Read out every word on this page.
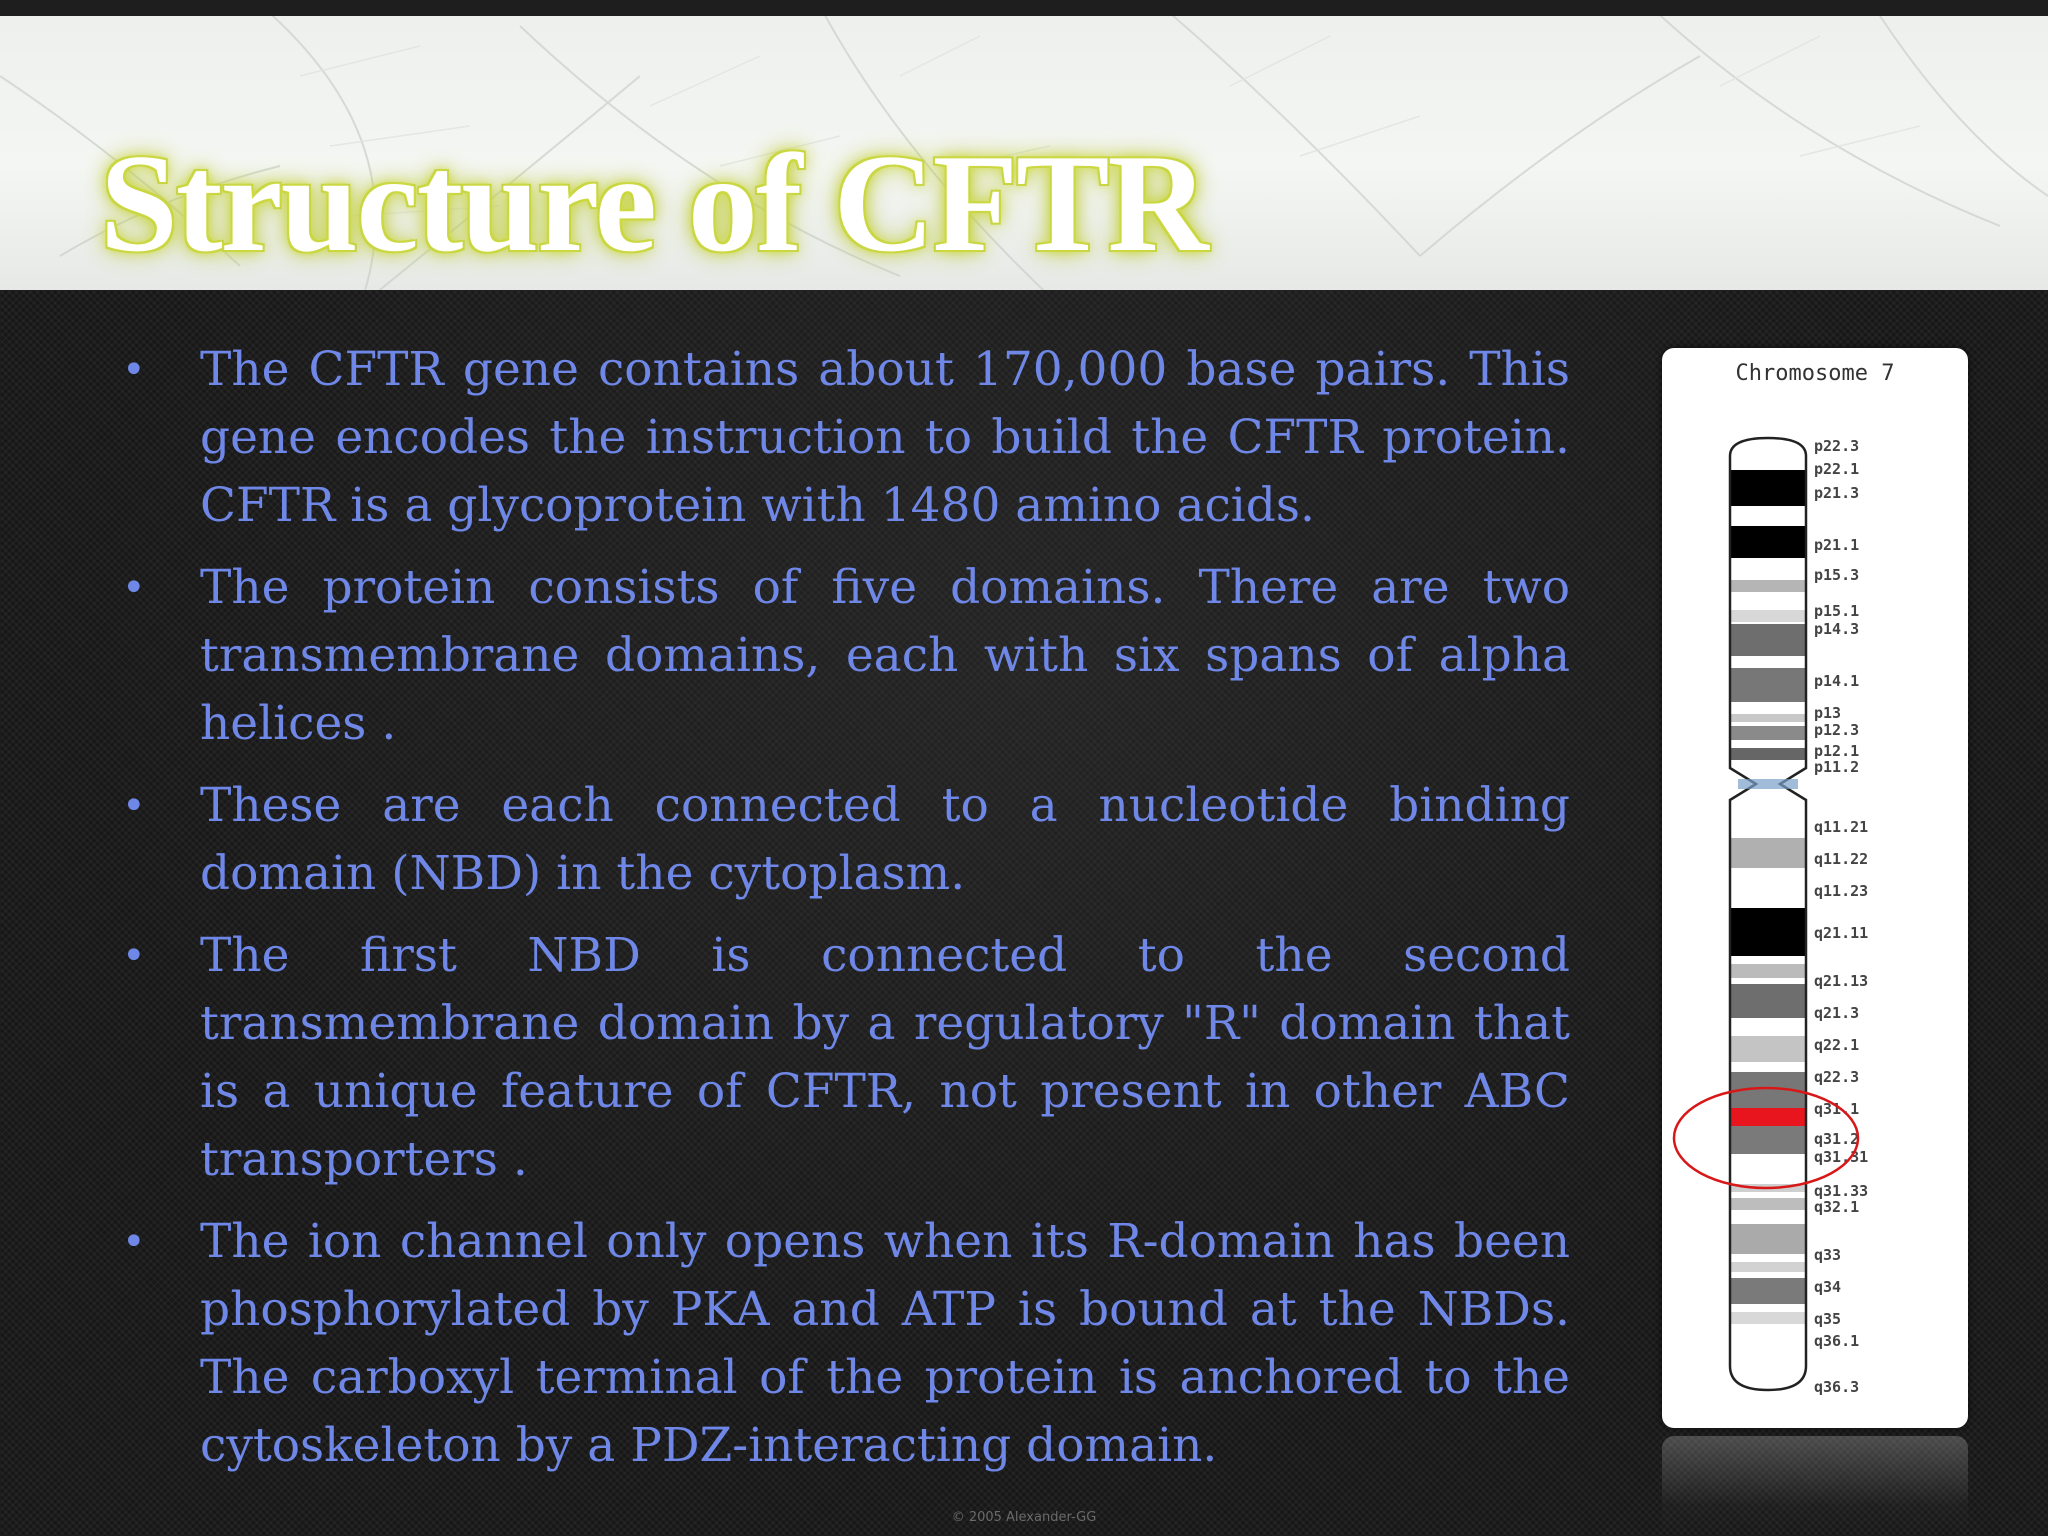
Structure of CFTR
• The CFTR gene contains about 170,000 base pairs. This gene encodes the instruction to build the CFTR protein. CFTR is a glycoprotein with 1480 amino acids.
• The protein consists of five domains. There are two transmembrane domains, each with six spans of alpha helices .
• These are each connected to a nucleotide binding domain (NBD) in the cytoplasm.
• The first NBD is connected to the second transmembrane domain by a regulatory "R" domain that is a unique feature of CFTR, not present in other ABC transporters .
• The ion channel only opens when its R-domain has been phosphorylated by PKA and ATP is bound at the NBDs. The carboxyl terminal of the protein is anchored to the cytoskeleton by a PDZ-interacting domain.
Chromosome 7
p22.3
p22.1
p21.3
p21.1
p15.3
p15.1
p14.3
p14.1
p13
p12.3
p12.1
p11.2
q11.21
q11.22
q11.23
q21.11
q21.13
q21.3
q22.1
q22.3
q31.1
q31.2
q31.31
q31.33
q32.1
q33
q34
q35
q36.1
q36.3
© 2005 Alexander-GG
